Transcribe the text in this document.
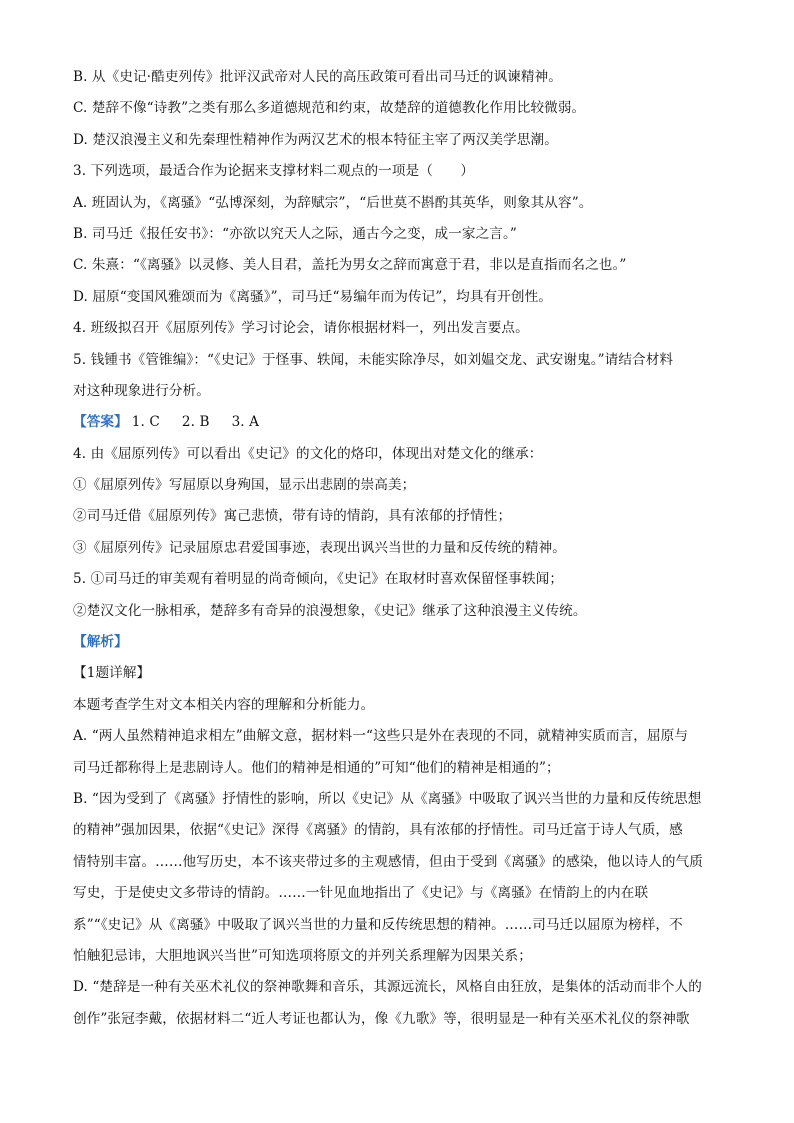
B. 从《史记·酷吏列传》批评汉武帝对人民的高压政策可看出司马迁的讽谏精神。
C. 楚辞不像“诗教”之类有那么多道德规范和约束，故楚辞的道德教化作用比较微弱。
D. 楚汉浪漫主义和先秦理性精神作为两汉艺术的根本特征主宰了两汉美学思潮。
3. 下列选项，最适合作为论据来支撑材料二观点的一项是（　　）
A. 班固认为，《离骚》“弘博深刻，为辞赋宗”，“后世莫不斟酌其英华，则象其从容”。
B. 司马迁《报任安书》：“亦欲以究天人之际，通古今之变，成一家之言。”
C. 朱熹：“《离骚》以灵修、美人目君，盖托为男女之辞而寓意于君，非以是直指而名之也。”
D. 屈原“变国风雅颂而为《离骚》”，司马迁“易编年而为传记”，均具有开创性。
4. 班级拟召开《屈原列传》学习讨论会，请你根据材料一，列出发言要点。
5. 钱锺书《管锥编》：“《史记》于怪事、轶闻，未能实除净尽，如刘媪交龙、武安谢鬼。”请结合材料
对这种现象进行分析。
【答案】 1. C 2. B 3. A
4. 由《屈原列传》可以看出《史记》的文化的烙印，体现出对楚文化的继承：
①《屈原列传》写屈原以身殉国，显示出悲剧的崇高美；
②司马迁借《屈原列传》寓己悲愤，带有诗的情韵，具有浓郁的抒情性；
③《屈原列传》记录屈原忠君爱国事迹，表现出讽兴当世的力量和反传统的精神。
5. ①司马迁的审美观有着明显的尚奇倾向，《史记》在取材时喜欢保留怪事轶闻；
②楚汉文化一脉相承，楚辞多有奇异的浪漫想象，《史记》继承了这种浪漫主义传统。
【解析】
【1题详解】
本题考查学生对文本相关内容的理解和分析能力。
A. “两人虽然精神追求相左”曲解文意，据材料一“这些只是外在表现的不同，就精神实质而言，屈原与
司马迁都称得上是悲剧诗人。他们的精神是相通的”可知“他们的精神是相通的”；
B. “因为受到了《离骚》抒情性的影响，所以《史记》从《离骚》中吸取了讽兴当世的力量和反传统思想
的精神”强加因果，依据“《史记》深得《离骚》的情韵，具有浓郁的抒情性。司马迁富于诗人气质，感
情特别丰富。……他写历史，本不该夹带过多的主观感情，但由于受到《离骚》的感染，他以诗人的气质
写史，于是使史文多带诗的情韵。……一针见血地指出了《史记》与《离骚》在情韵上的内在联
系”“《史记》从《离骚》中吸取了讽兴当世的力量和反传统思想的精神。……司马迁以屈原为榜样，不
怕触犯忌讳，大胆地讽兴当世”可知选项将原文的并列关系理解为因果关系；
D. “楚辞是一种有关巫术礼仪的祭神歌舞和音乐，其源远流长，风格自由狂放，是集体的活动而非个人的
创作”张冠李戴，依据材料二“近人考证也都认为，像《九歌》等，很明显是一种有关巫术礼仪的祭神歌
